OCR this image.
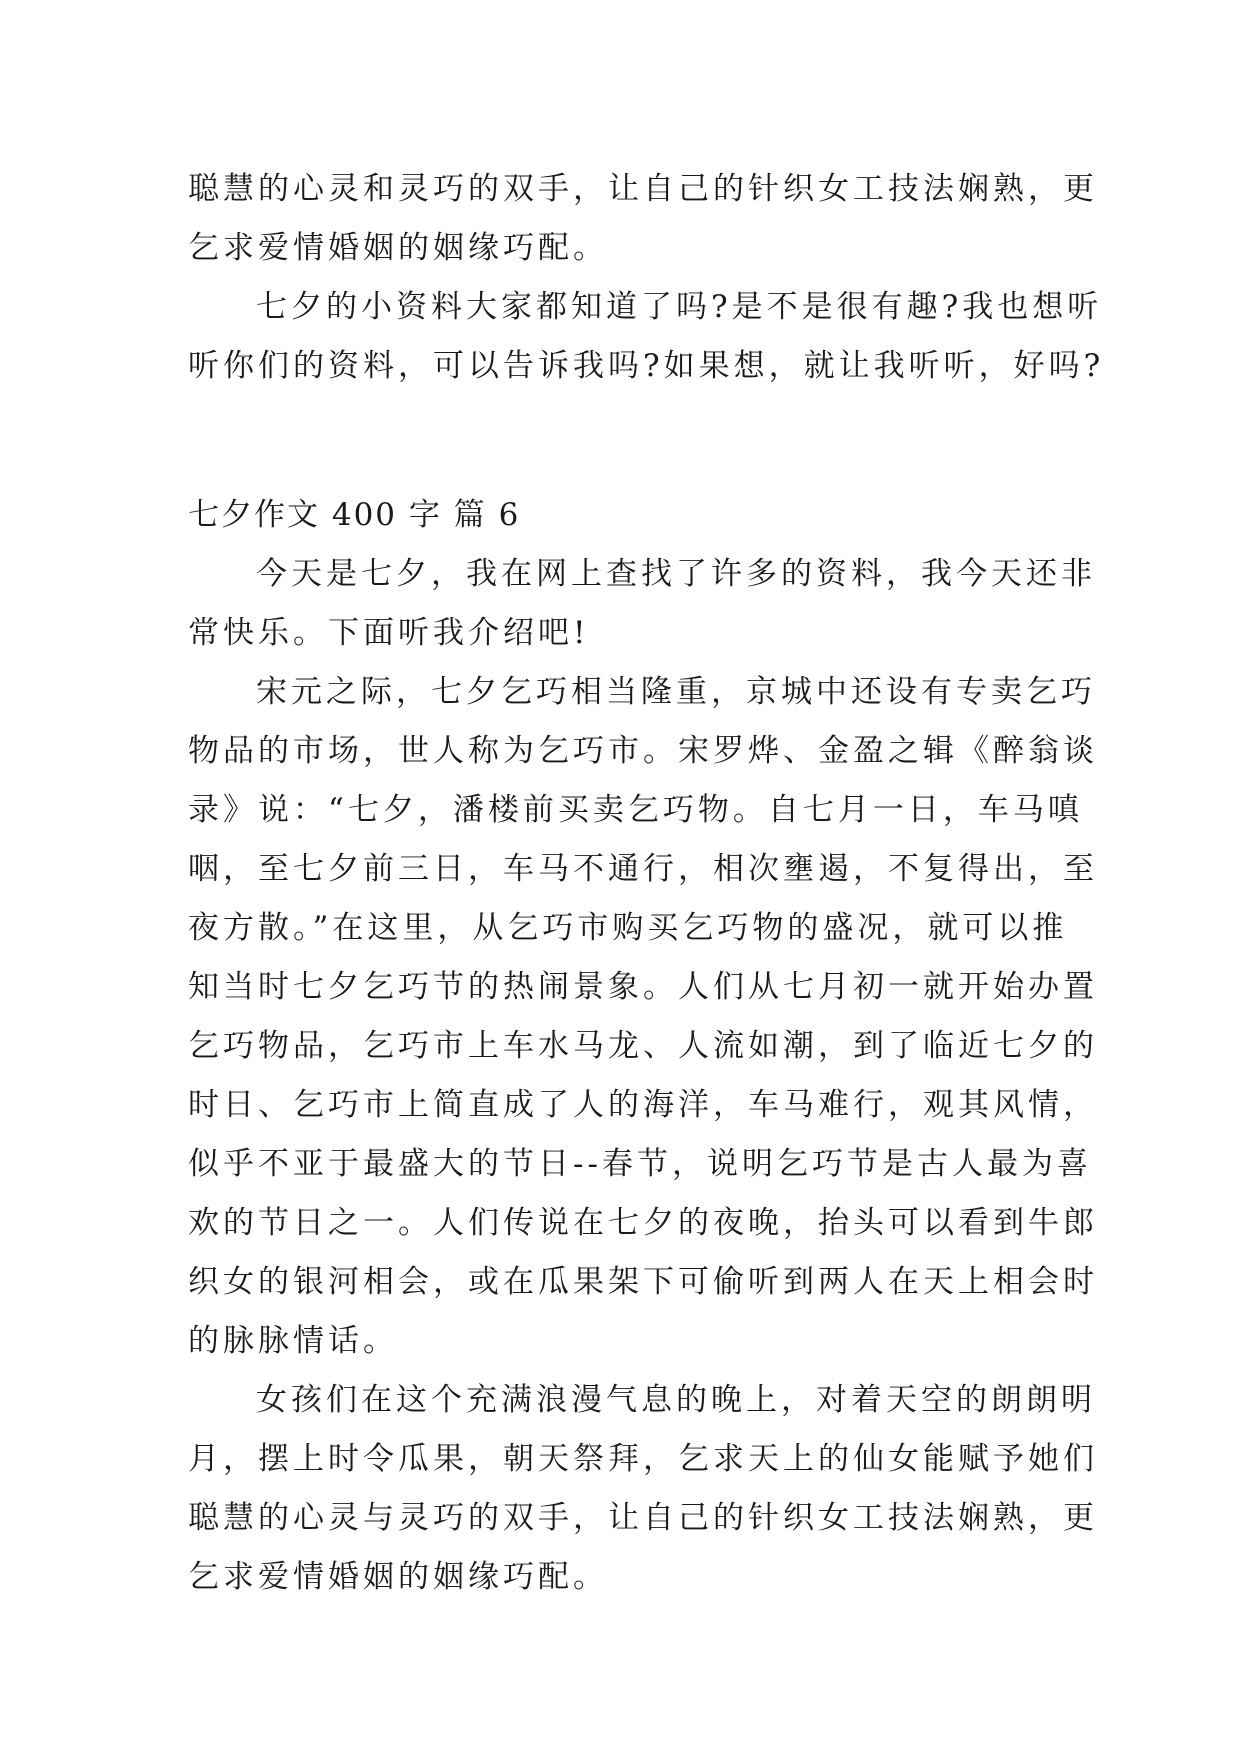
聪慧的心灵和灵巧的双手，让自己的针织女工技法娴熟，更
乞求爱情婚姻的姻缘巧配。
七夕的小资料大家都知道了吗?是不是很有趣?我也想听
听你们的资料，可以告诉我吗?如果想，就让我听听，好吗?
七夕作文 400 字 篇 6
今天是七夕，我在网上查找了许多的资料，我今天还非
常快乐。下面听我介绍吧!
宋元之际，七夕乞巧相当隆重，京城中还设有专卖乞巧
物品的市场，世人称为乞巧市。宋罗烨、金盈之辑《醉翁谈
录》说：“七夕，潘楼前买卖乞巧物。自七月一日，车马嗔
咽，至七夕前三日，车马不通行，相次壅遏，不复得出，至
夜方散。”在这里，从乞巧市购买乞巧物的盛况，就可以推
知当时七夕乞巧节的热闹景象。人们从七月初一就开始办置
乞巧物品，乞巧市上车水马龙、人流如潮，到了临近七夕的
时日、乞巧市上简直成了人的海洋，车马难行，观其风情，
似乎不亚于最盛大的节日--春节，说明乞巧节是古人最为喜
欢的节日之一。人们传说在七夕的夜晚，抬头可以看到牛郎
织女的银河相会，或在瓜果架下可偷听到两人在天上相会时
的脉脉情话。
女孩们在这个充满浪漫气息的晚上，对着天空的朗朗明
月，摆上时令瓜果，朝天祭拜，乞求天上的仙女能赋予她们
聪慧的心灵与灵巧的双手，让自己的针织女工技法娴熟，更
乞求爱情婚姻的姻缘巧配。
